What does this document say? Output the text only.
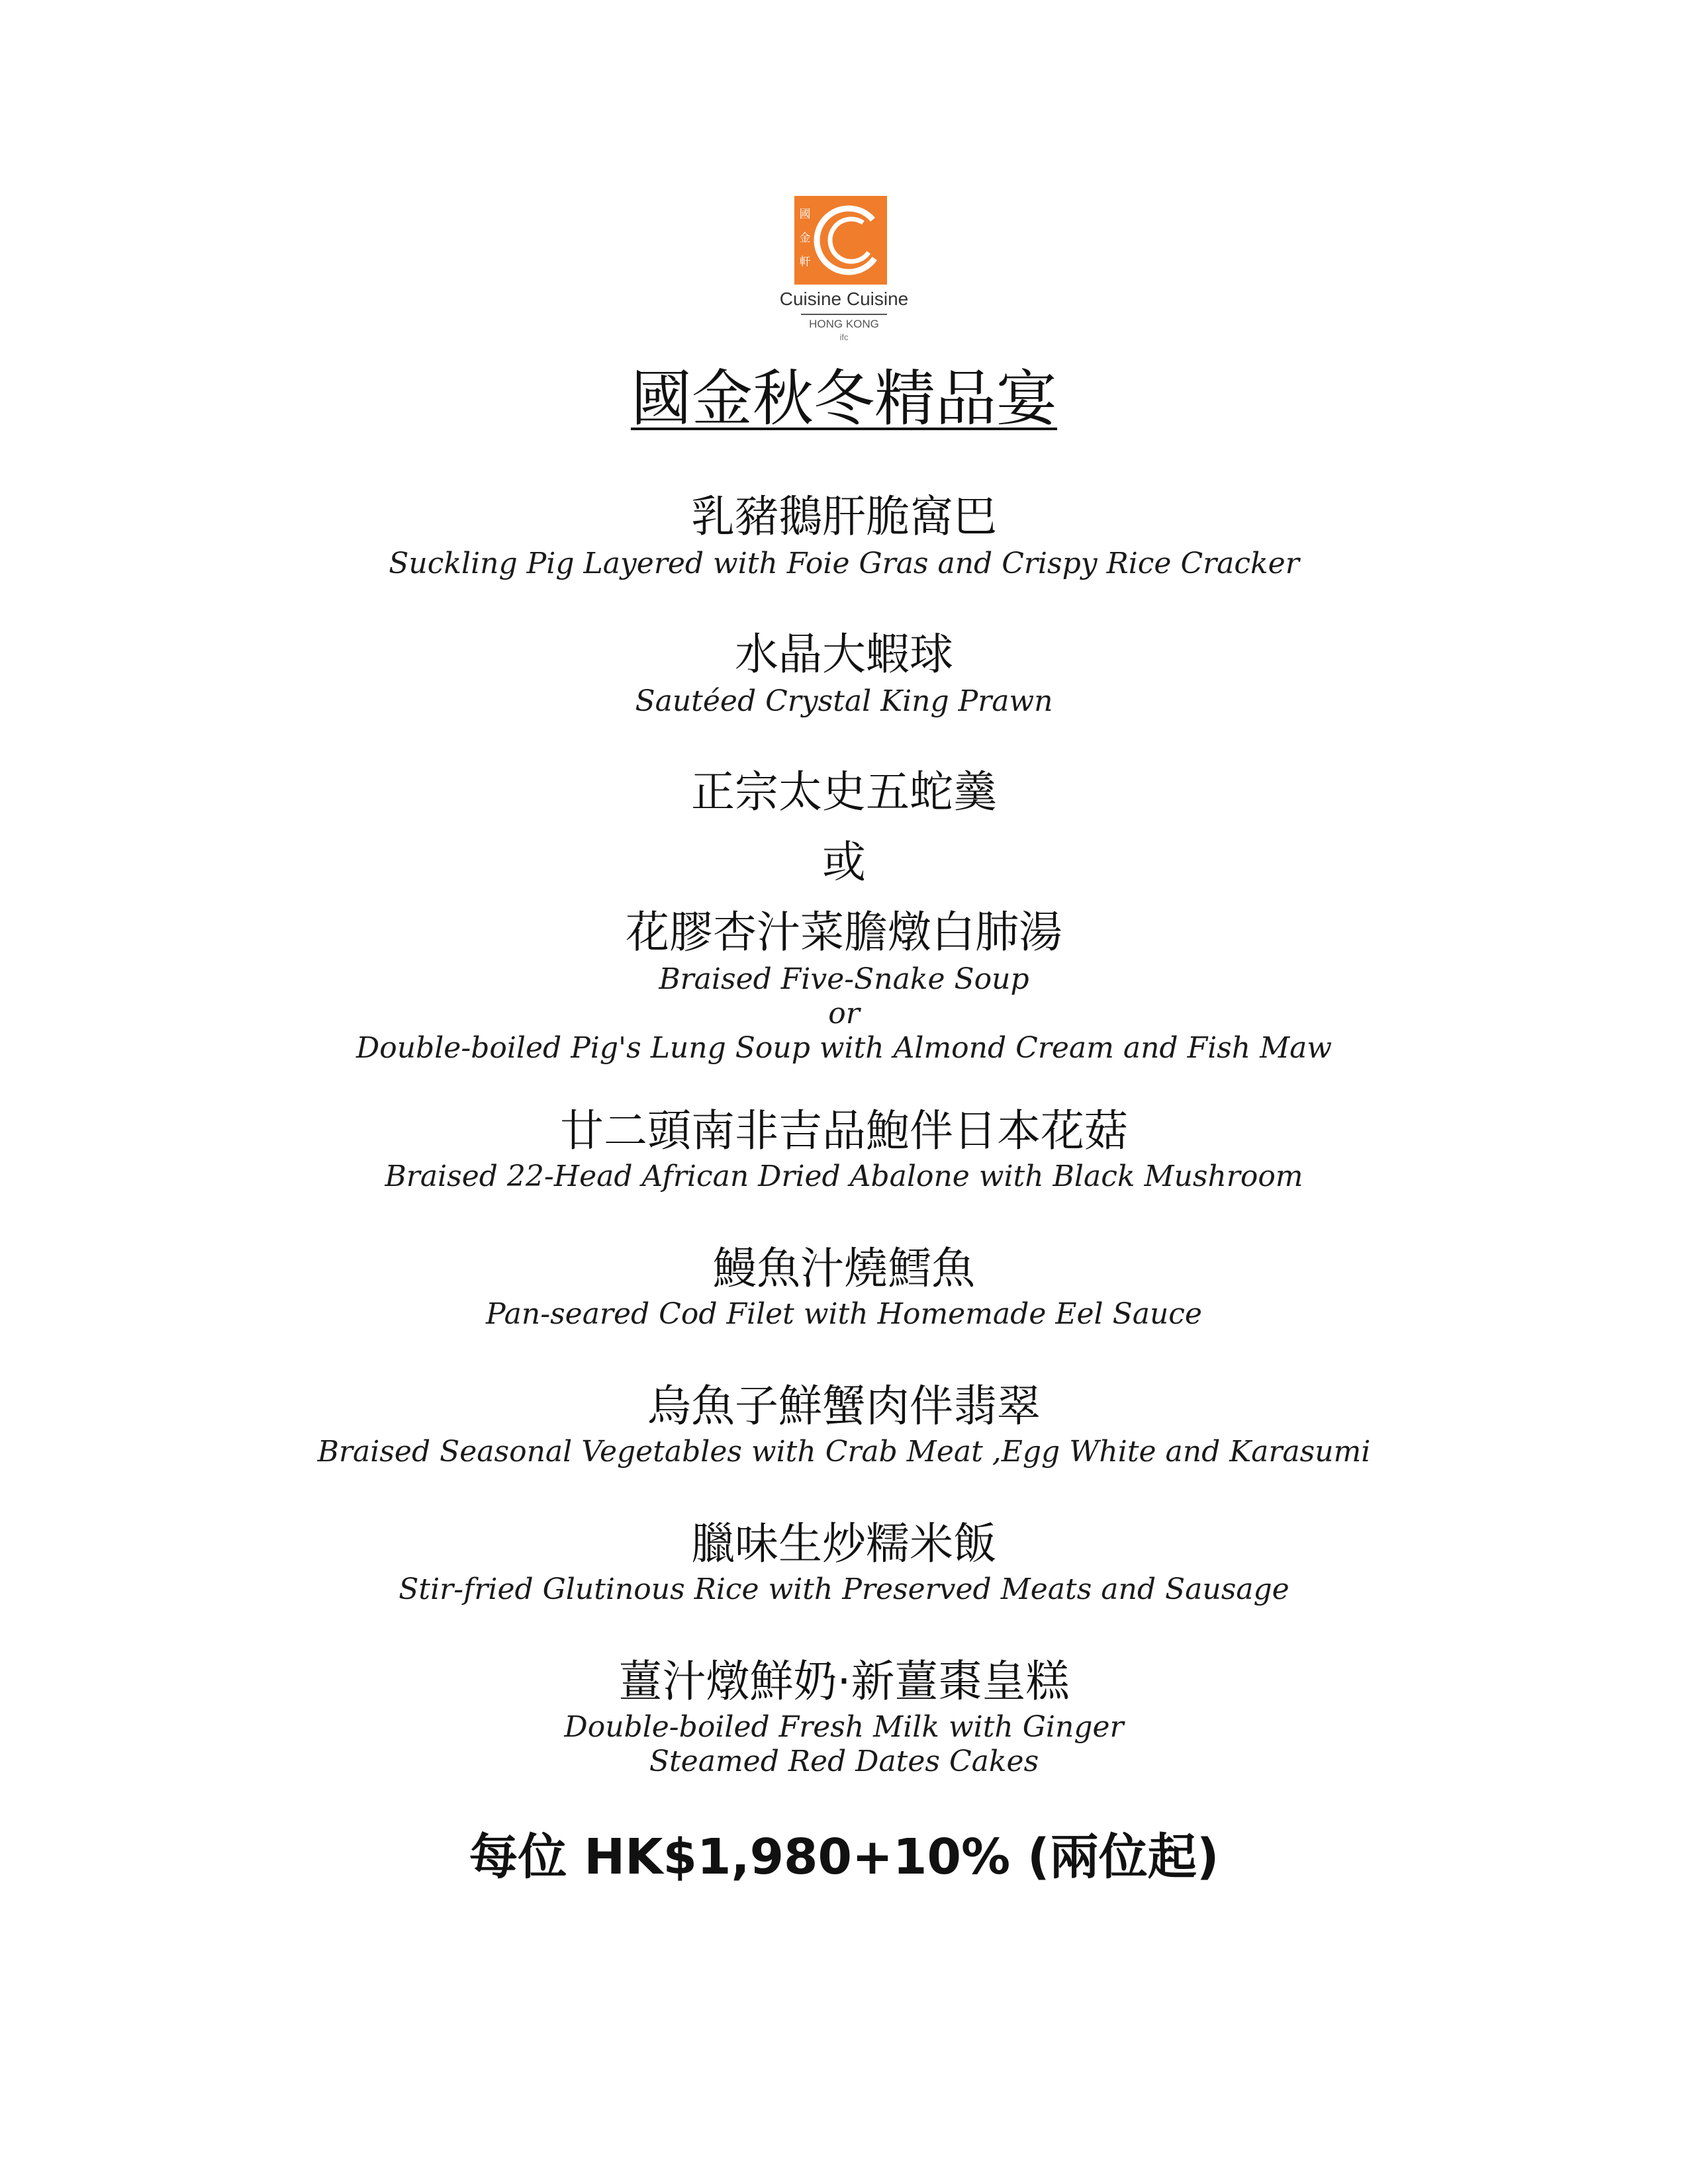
國
金
軒
Cuisine Cuisine
HONG KONG
ifc
國金秋冬精品宴
乳豬鵝肝脆窩巴
Suckling Pig Layered with Foie Gras and Crispy Rice Cracker
水晶大蝦球
Sautéed Crystal King Prawn
正宗太史五蛇羹
或
花膠杏汁菜膽燉白肺湯
Braised Five-Snake Soup
or
Double-boiled Pig's Lung Soup with Almond Cream and Fish Maw
廿二頭南非吉品鮑伴日本花菇
Braised 22-Head African Dried Abalone with Black Mushroom
鰻魚汁燒鱈魚
Pan-seared Cod Filet with Homemade Eel Sauce
烏魚子鮮蟹肉伴翡翠
Braised Seasonal Vegetables with Crab Meat ,Egg White and Karasumi
臘味生炒糯米飯
Stir-fried Glutinous Rice with Preserved Meats and Sausage
薑汁燉鮮奶·新薑棗皇糕
Double-boiled Fresh Milk with Ginger
Steamed Red Dates Cakes
每位 HK$1,980+10% (兩位起)
